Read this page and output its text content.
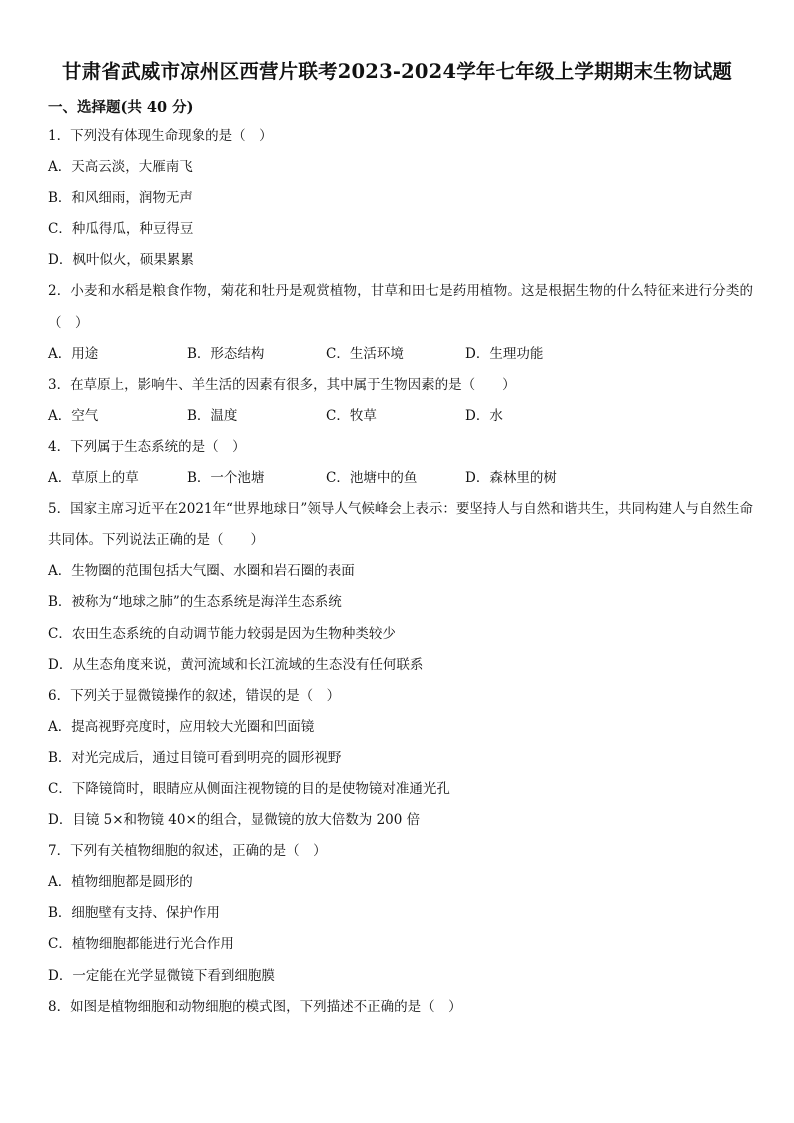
甘肃省武威市凉州区西营片联考2023-2024学年七年级上学期期末生物试题
一、选择题(共 40 分)
1．下列没有体现生命现象的是（　）
A．天高云淡，大雁南飞
B．和风细雨，润物无声
C．种瓜得瓜，种豆得豆
D．枫叶似火，硕果累累
2．小麦和水稻是粮食作物，菊花和牡丹是观赏植物，甘草和田七是药用植物。这是根据生物的什么特征来进行分类的（　）
A．用途	B．形态结构	C．生活环境	D．生理功能
3．在草原上，影响牛、羊生活的因素有很多，其中属于生物因素的是（　　）
A．空气	B．温度	C．牧草	D．水
4．下列属于生态系统的是（　）
A．草原上的草	B．一个池塘	C．池塘中的鱼	D．森林里的树
5．国家主席习近平在2021年“世界地球日”领导人气候峰会上表示：要坚持人与自然和谐共生，共同构建人与自然生命共同体。下列说法正确的是（　　）
A．生物圈的范围包括大气圈、水圈和岩石圈的表面
B．被称为“地球之肺”的生态系统是海洋生态系统
C．农田生态系统的自动调节能力较弱是因为生物种类较少
D．从生态角度来说，黄河流域和长江流域的生态没有任何联系
6．下列关于显微镜操作的叙述，错误的是（　）
A．提高视野亮度时，应用较大光圈和凹面镜
B．对光完成后，通过目镜可看到明亮的圆形视野
C．下降镜筒时，眼睛应从侧面注视物镜的目的是使物镜对准通光孔
D．目镜 5×和物镜 40×的组合，显微镜的放大倍数为 200 倍
7．下列有关植物细胞的叙述，正确的是（　）
A．植物细胞都是圆形的
B．细胞壁有支持、保护作用
C．植物细胞都能进行光合作用
D．一定能在光学显微镜下看到细胞膜
8．如图是植物细胞和动物细胞的模式图，下列描述不正确的是（　）
